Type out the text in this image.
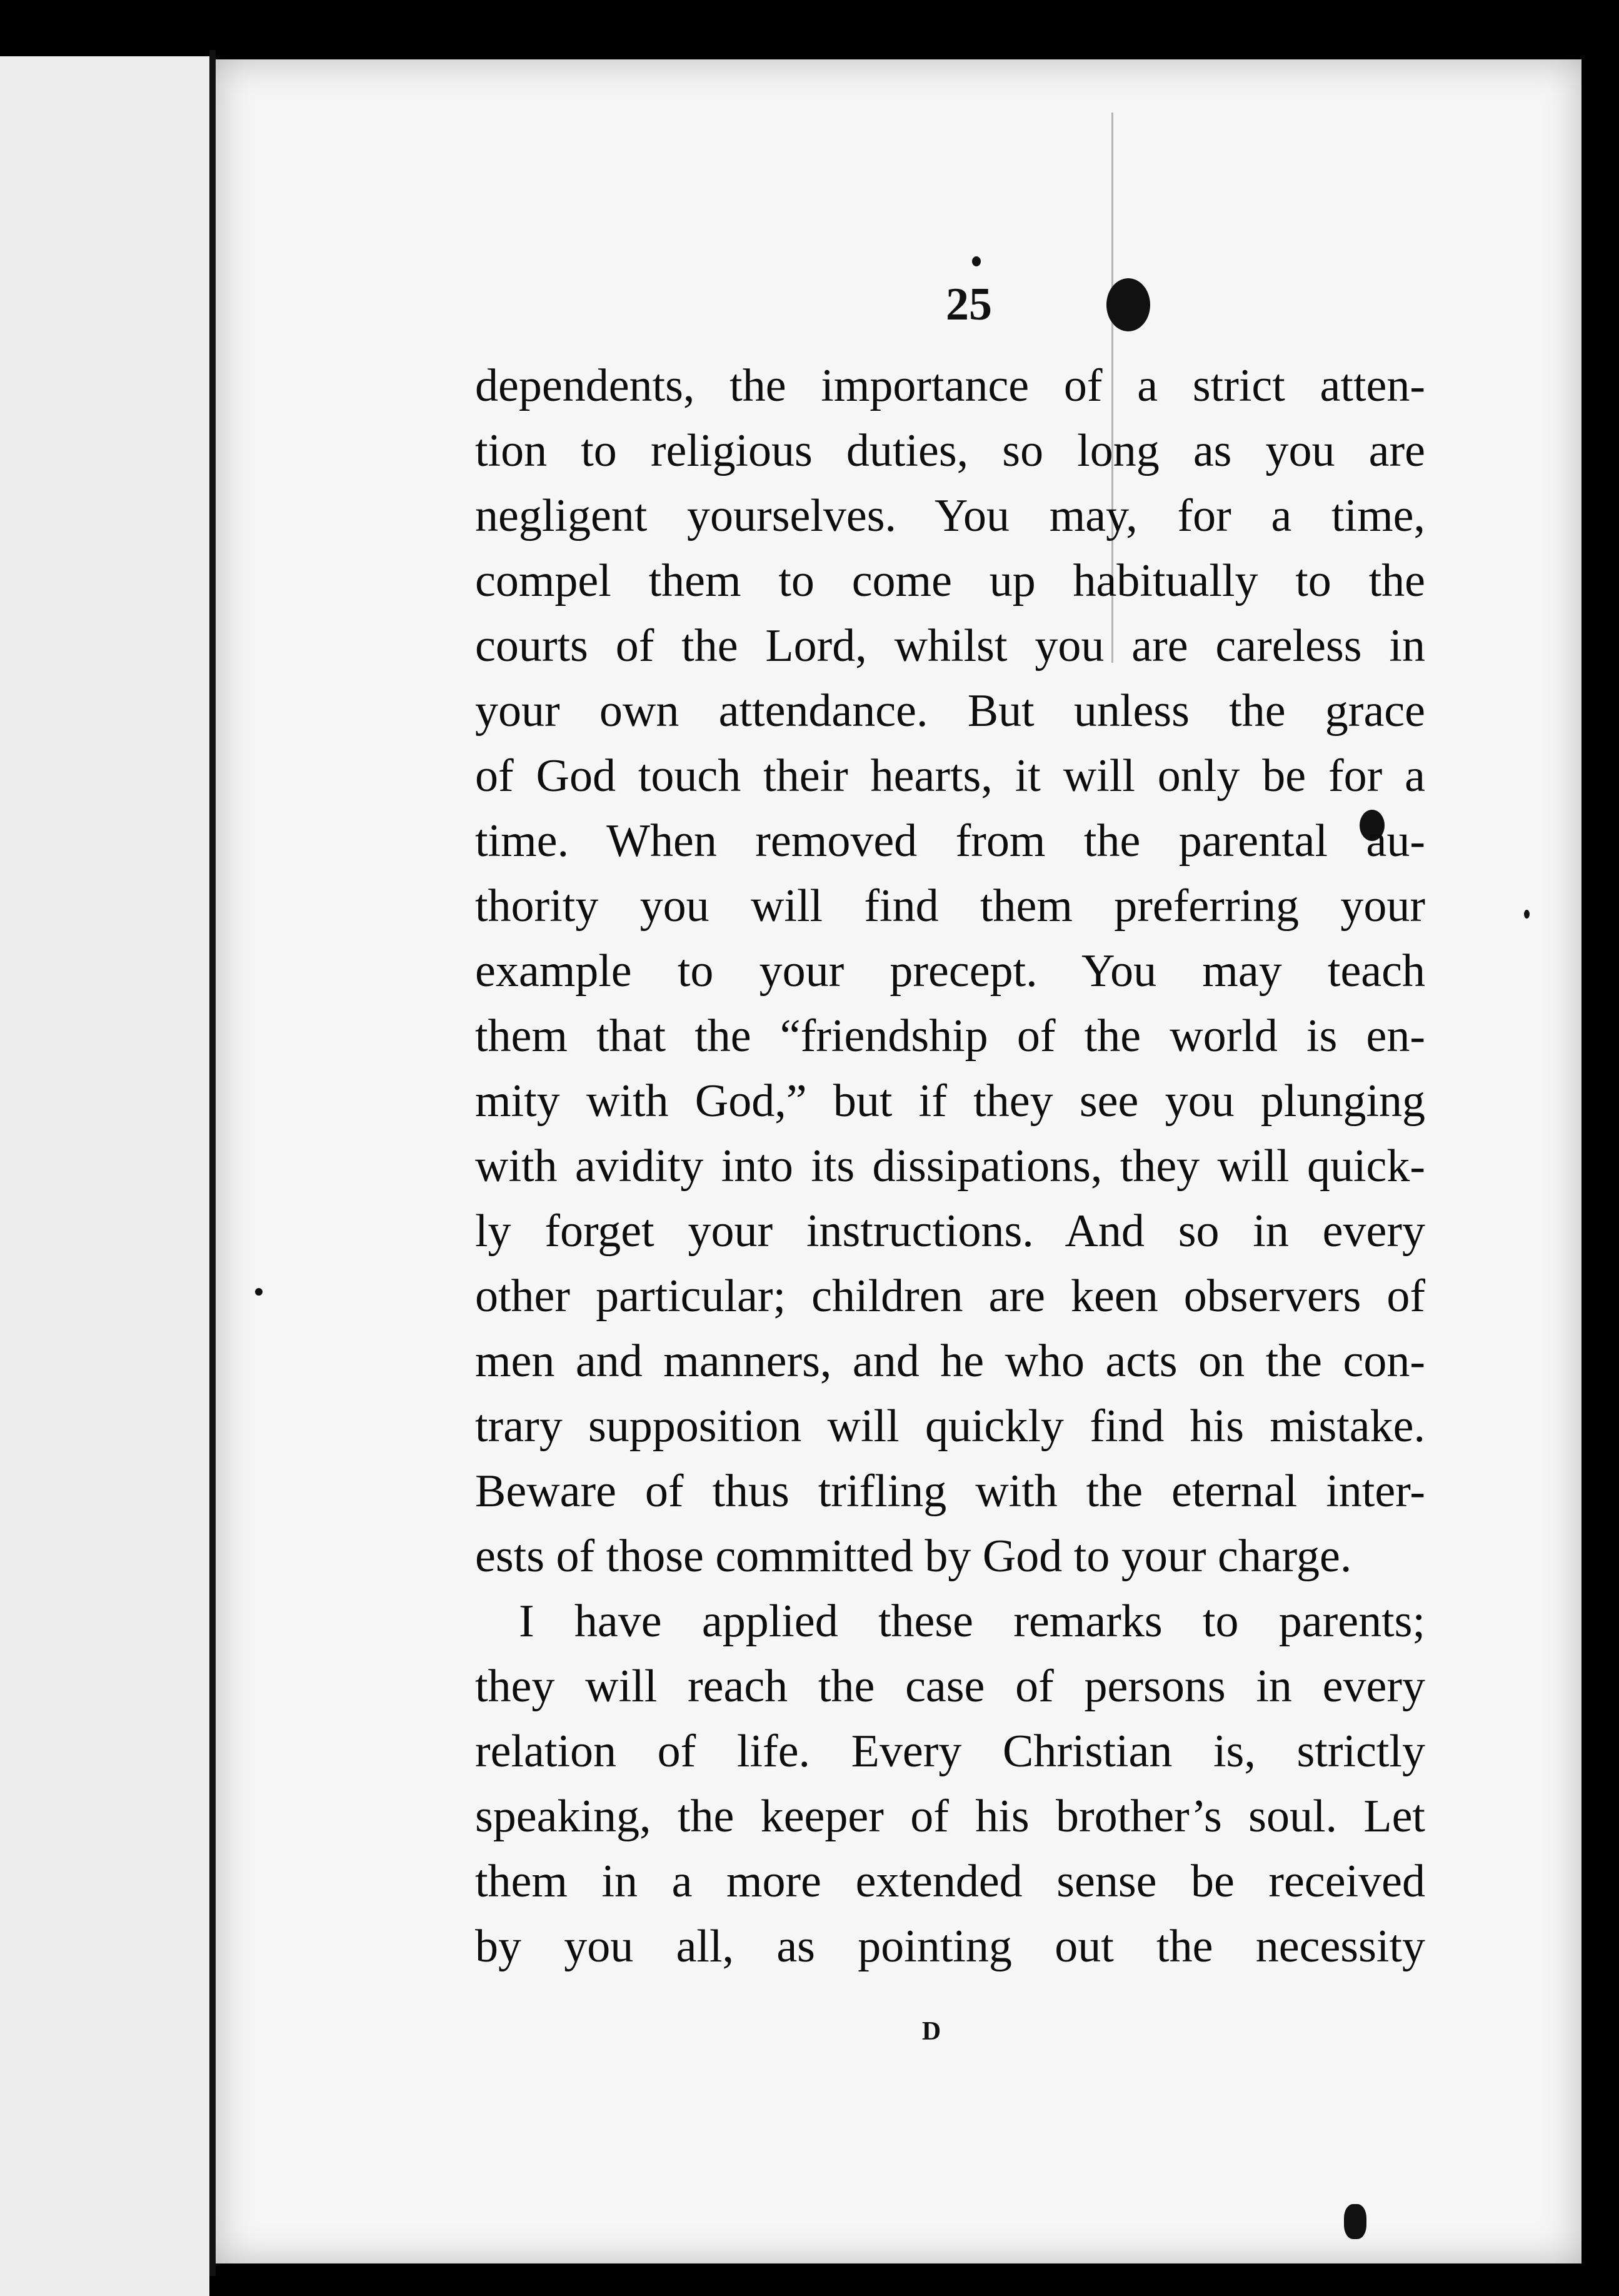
25
dependents, the importance of a strict atten-
tion to religious duties, so long as you are
negligent yourselves. You may, for a time,
compel them to come up habitually to the
courts of the Lord, whilst you are careless in
your own attendance. But unless the grace
of God touch their hearts, it will only be for a
time. When removed from the parental au-
thority you will find them preferring your
example to your precept. You may teach
them that the “friendship of the world is en-
mity with God,” but if they see you plunging
with avidity into its dissipations, they will quick-
ly forget your instructions. And so in every
other particular; children are keen observers of
men and manners, and he who acts on the con-
trary supposition will quickly find his mistake.
Beware of thus trifling with the eternal inter-
ests of those committed by God to your charge.
I have applied these remarks to parents;
they will reach the case of persons in every
relation of life. Every Christian is, strictly
speaking, the keeper of his brother’s soul. Let
them in a more extended sense be received
by you all, as pointing out the necessity
D
